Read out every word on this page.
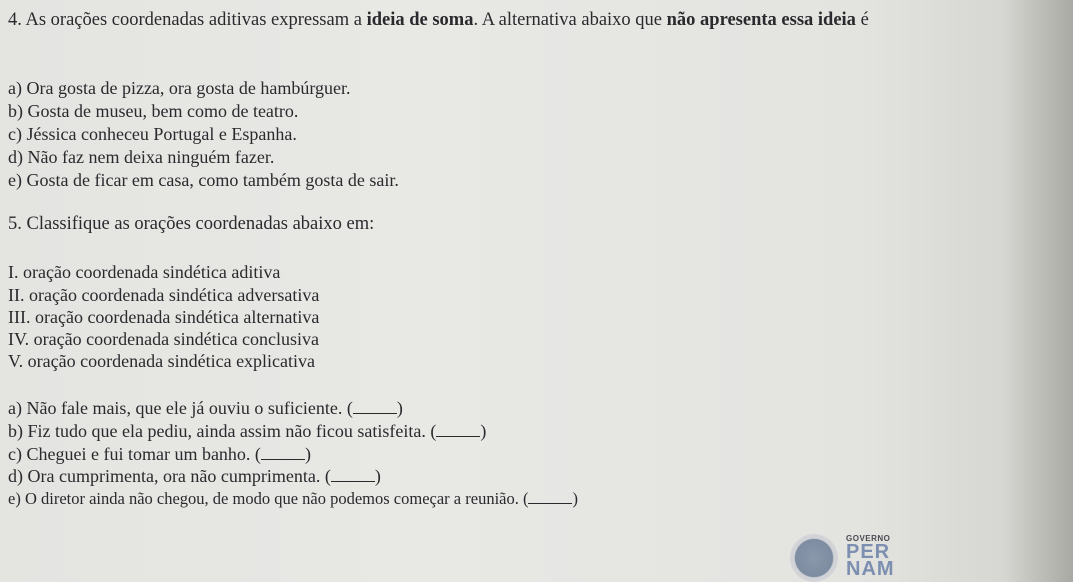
4. As orações coordenadas aditivas expressam a ideia de soma. A alternativa abaixo que não apresenta essa ideia é
a) Ora gosta de pizza, ora gosta de hambúrguer.
b) Gosta de museu, bem como de teatro.
c) Jéssica conheceu Portugal e Espanha.
d) Não faz nem deixa ninguém fazer.
e) Gosta de ficar em casa, como também gosta de sair.
5. Classifique as orações coordenadas abaixo em:
I. oração coordenada sindética aditiva
II. oração coordenada sindética adversativa
III. oração coordenada sindética alternativa
IV. oração coordenada sindética conclusiva
V. oração coordenada sindética explicativa
a) Não fale mais, que ele já ouviu o suficiente. ( )
b) Fiz tudo que ela pediu, ainda assim não ficou satisfeita. ( )
c) Cheguei e fui tomar um banho. ( )
d) Ora cumprimenta, ora não cumprimenta. ( )
e) O diretor ainda não chegou, de modo que não podemos começar a reunião. (	)
GOVERNO
PER
NAM
